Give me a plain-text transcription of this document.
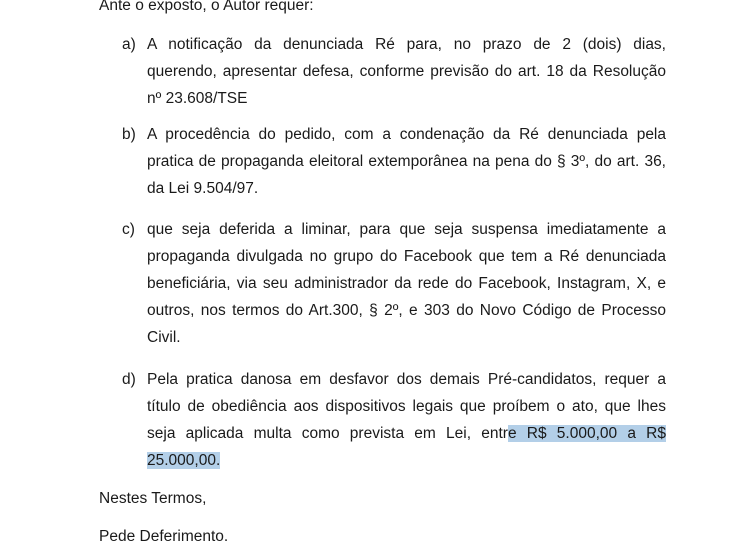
Ante o exposto, o Autor requer:
a) A notificação da denunciada Ré para, no prazo de 2 (dois) dias,
querendo, apresentar defesa, conforme previsão do art. 18 da Resolução
nº 23.608/TSE
b) A procedência do pedido, com a condenação da Ré denunciada pela
pratica de propaganda eleitoral extemporânea na pena do § 3º, do art. 36,
da Lei 9.504/97.
c) que seja deferida a liminar, para que seja suspensa imediatamente a
propaganda divulgada no grupo do Facebook que tem a Ré denunciada
beneficiária, via seu administrador da rede do Facebook, Instagram, X, e
outros, nos termos do Art.300, § 2º, e 303 do Novo Código de Processo
Civil.
d) Pela pratica danosa em desfavor dos demais Pré-candidatos, requer a
título de obediência aos dispositivos legais que proíbem o ato, que lhes
seja aplicada multa como prevista em Lei, entre R$ 5.000,00 a R$
25.000,00.
Nestes Termos,
Pede Deferimento.
